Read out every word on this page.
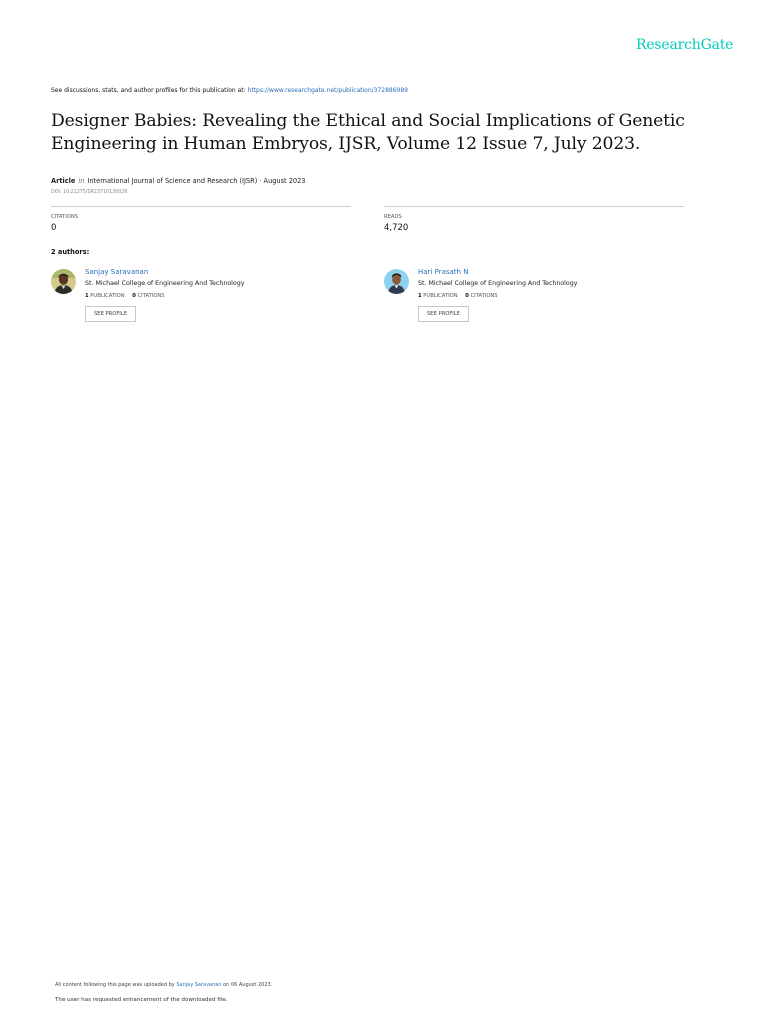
ResearchGate
See discussions, stats, and author profiles for this publication at: https://www.researchgate.net/publication/372886989
Designer Babies: Revealing the Ethical and Social Implications of Genetic Engineering in Human Embryos, IJSR, Volume 12 Issue 7, July 2023.
Article in International Journal of Science and Research (IJSR) · August 2023
DOI: 10.21275/SR23710130026
CITATIONS
0
READS
4,720
2 authors:
Sanjay Saravanan
St. Michael College of Engineering And Technology
1 PUBLICATION 0 CITATIONS
SEE PROFILE
Hari Prasath N
St. Michael College of Engineering And Technology
1 PUBLICATION 0 CITATIONS
SEE PROFILE
All content following this page was uploaded by Sanjay Saravanan on 06 August 2023.
The user has requested enhancement of the downloaded file.
